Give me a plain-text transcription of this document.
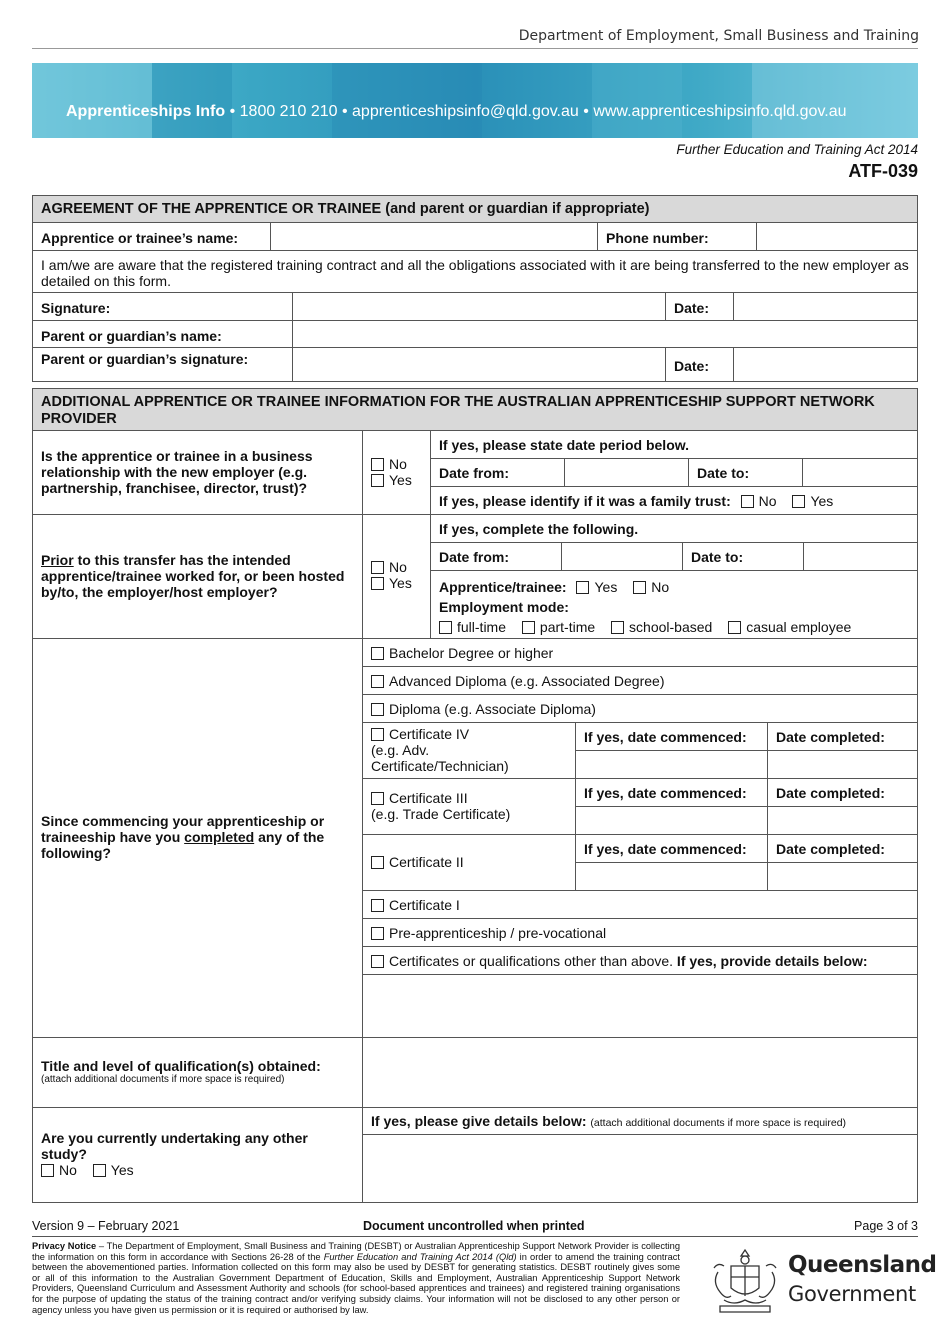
Department of Employment, Small Business and Training
Apprenticeships Info • 1800 210 210 • apprenticeshipsinfo@qld.gov.au • www.apprenticeshipsinfo.qld.gov.au
Further Education and Training Act 2014
ATF-039
AGREEMENT OF THE APPRENTICE OR TRAINEE (and parent or guardian if appropriate)
Apprentice or trainee’s name:	Phone number:
I am/we are aware that the registered training contract and all the obligations associated with it are being transferred to the new employer as detailed on this form.
Signature:	Date:
Parent or guardian’s name:
Parent or guardian’s signature:	Date:
ADDITIONAL APPRENTICE OR TRAINEE INFORMATION FOR THE AUSTRALIAN APPRENTICESHIP SUPPORT NETWORK PROVIDER
Is the apprentice or trainee in a business relationship with the new employer (e.g. partnership, franchisee, director, trust)?
No
Yes
If yes, please state date period below.
Date from:	Date to:
If yes, please identify if it was a family trust: No Yes
Prior to this transfer has the intended apprentice/trainee worked for, or been hosted by/to, the employer/host employer?
No
Yes
If yes, complete the following.
Date from:	Date to:
Apprentice/trainee: Yes No
Employment mode:
full-time part-time school-based casual employee
Since commencing your apprenticeship or traineeship have you completed any of the following?
Bachelor Degree or higher
Advanced Diploma (e.g. Associated Degree)
Diploma (e.g. Associate Diploma)
Certificate IV
(e.g. Adv. Certificate/Technician)
If yes, date commenced:	Date completed:
Certificate III
(e.g. Trade Certificate)
If yes, date commenced:	Date completed:
Certificate II
If yes, date commenced:	Date completed:
Certificate I
Pre-apprenticeship / pre-vocational
Certificates or qualifications other than above. If yes, provide details below:
Title and level of qualification(s) obtained:
(attach additional documents if more space is required)
Are you currently undertaking any other study?
No Yes
If yes, please give details below: (attach additional documents if more space is required)
Version 9 – February 2021	Document uncontrolled when printed	Page 3 of 3
Privacy Notice – The Department of Employment, Small Business and Training (DESBT) or Australian Apprenticeship Support Network Provider is collecting the information on this form in accordance with Sections 26-28 of the Further Education and Training Act 2014 (Qld) in order to amend the training contract between the abovementioned parties. Information collected on this form may also be used by DESBT for generating statistics. DESBT routinely gives some or all of this information to the Australian Government Department of Education, Skills and Employment, Australian Apprenticeship Support Network Providers, Queensland Curriculum and Assessment Authority and schools (for school-based apprentices and trainees) and registered training organisations for the purpose of updating the status of the training contract and/or verifying subsidy claims. Your information will not be disclosed to any other person or agency unless you have given us permission or it is required or authorised by law.
Queensland
Government
